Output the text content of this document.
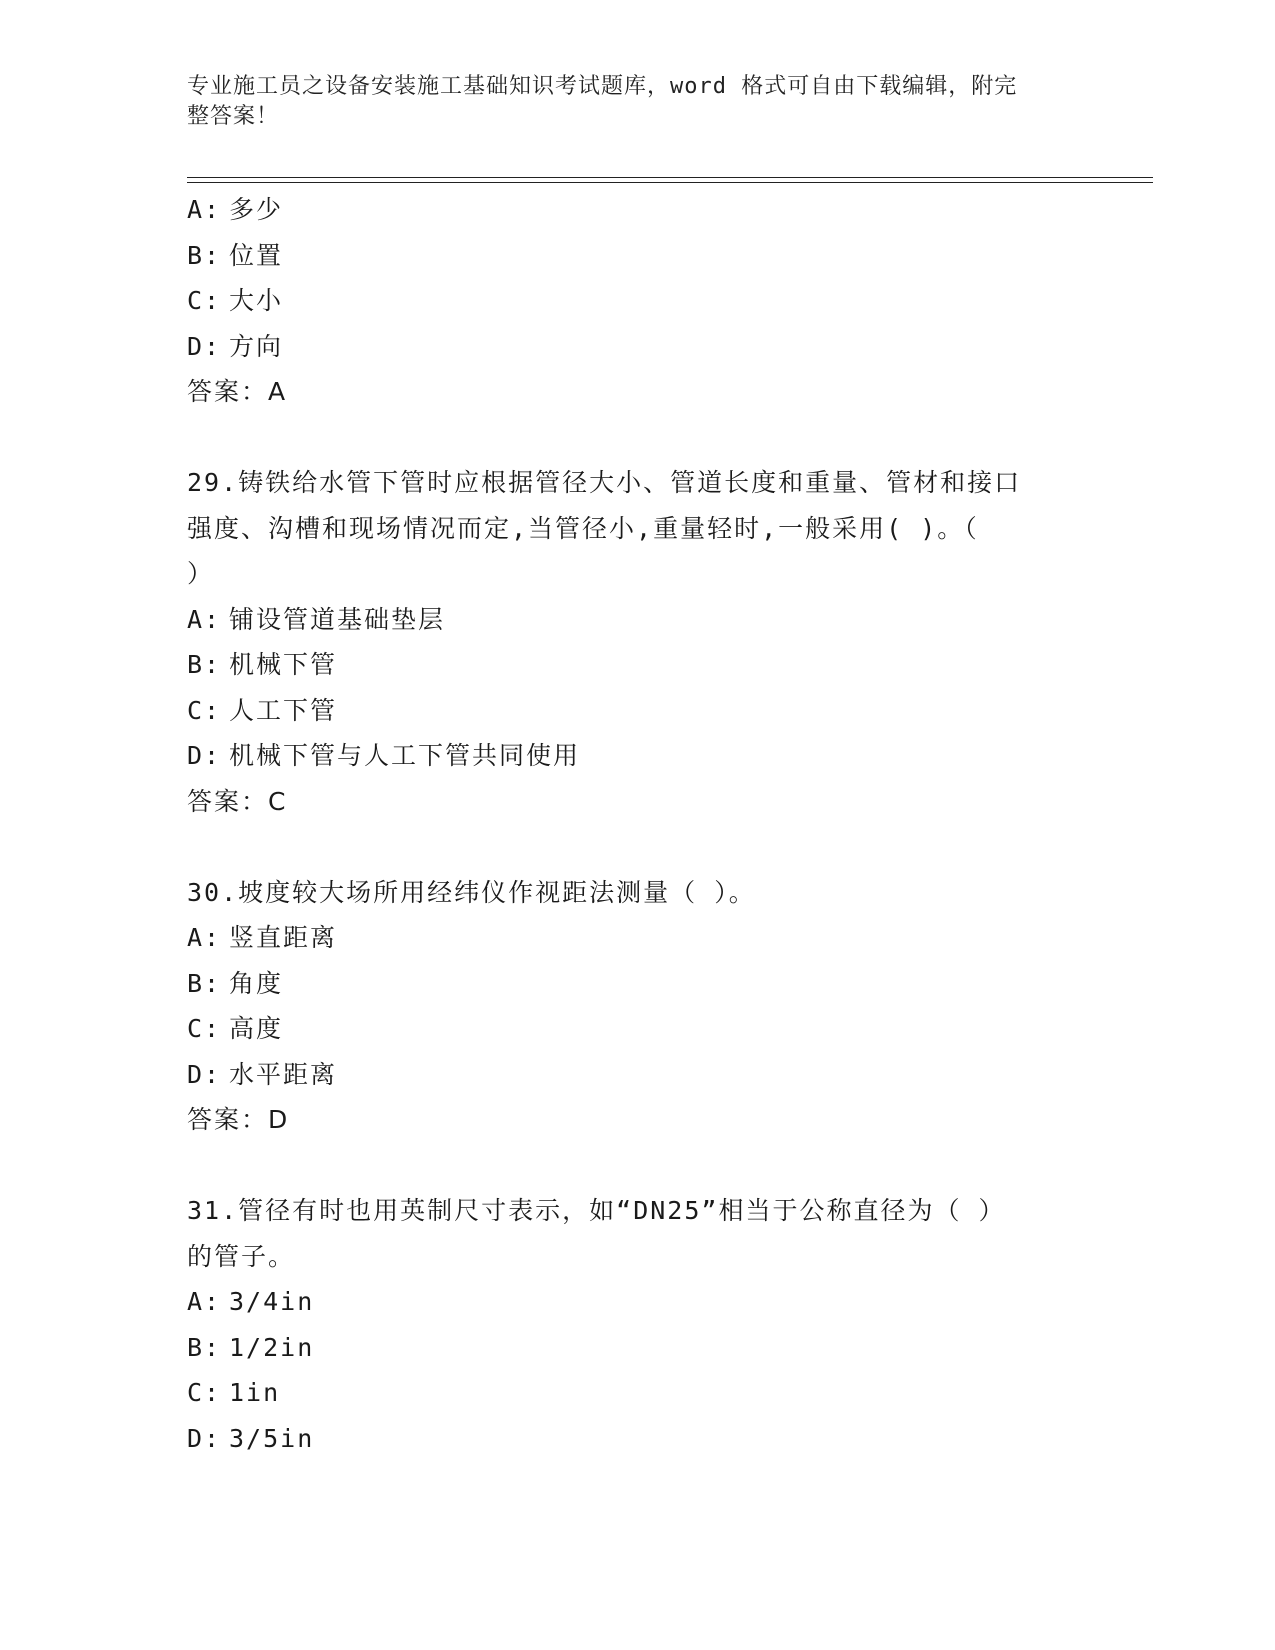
专业施工员之设备安装施工基础知识考试题库，word 格式可自由下载编辑，附完
整答案！
A: 多少
B: 位置
C: 大小
D: 方向
答案：A
29.铸铁给水管下管时应根据管径大小、管道长度和重量、管材和接口
强度、沟槽和现场情况而定,当管径小,重量轻时,一般采用( )。（
）
A: 铺设管道基础垫层
B: 机械下管
C: 人工下管
D: 机械下管与人工下管共同使用
答案：C
30.坡度较大场所用经纬仪作视距法测量（ ）。
A: 竖直距离
B: 角度
C: 高度
D: 水平距离
答案：D
31.管径有时也用英制尺寸表示，如“DN25”相当于公称直径为（ ）
的管子。
A: 3/4in
B: 1/2in
C: 1in
D: 3/5in
